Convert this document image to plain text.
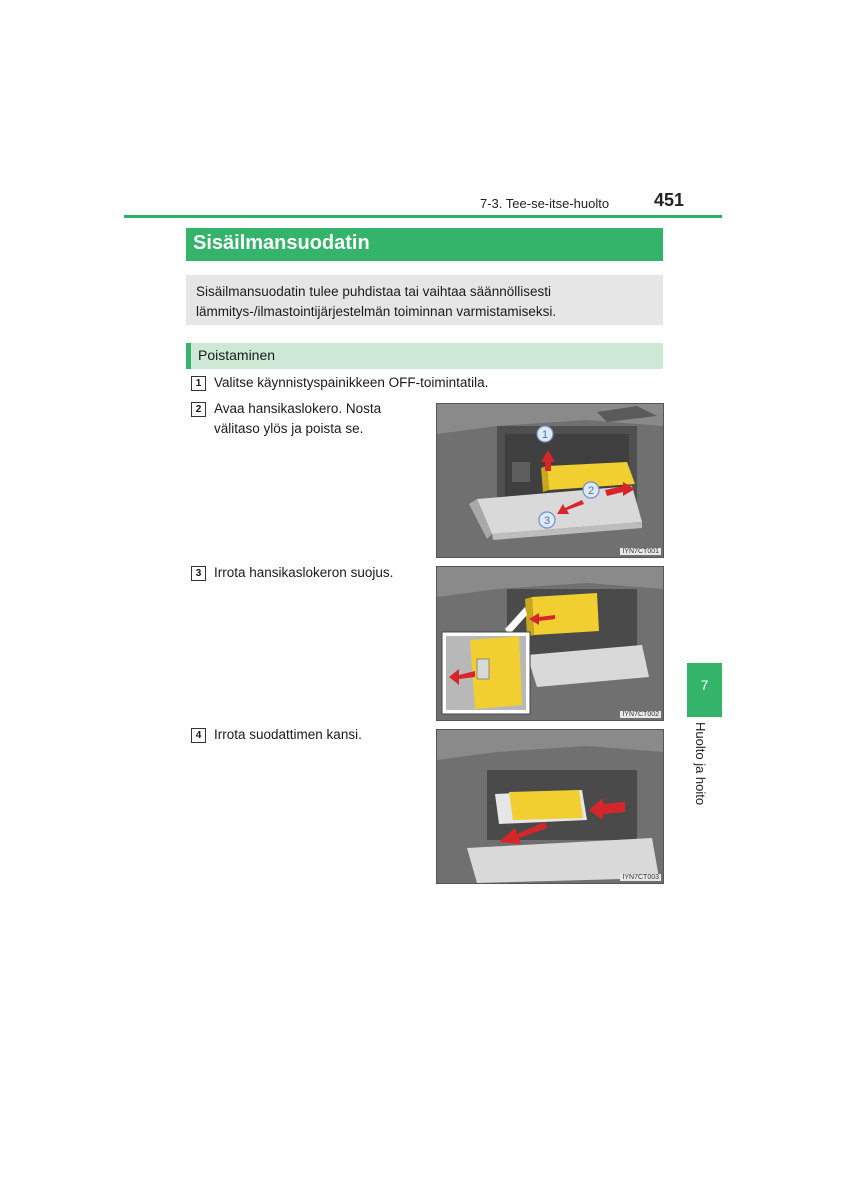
7-3. Tee-se-itse-huolto 451
Sisäilmansuodatin
Sisäilmansuodatin tulee puhdistaa tai vaihtaa säännöllisesti lämmitys-/ilmastointijärjestelmän toiminnan varmistamiseksi.
Poistaminen
1 Valitse käynnistyspainikkeen OFF-toimintatila.
2 Avaa hansikaslokero. Nosta välitaso ylös ja poista se.	1
2
3
IYN7CT001
3 Irrota hansikaslokeron suojus.
IYN7CT002
4 Irrota suodattimen kansi.
IYN7CT003
7
Huolto ja hoito
